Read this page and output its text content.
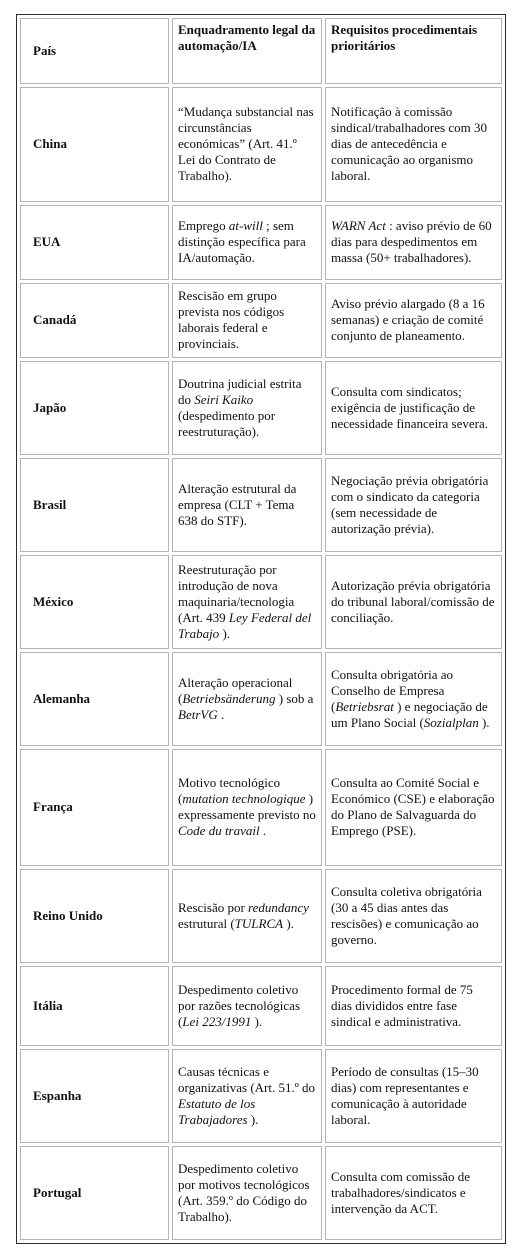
País	Enquadramento legal da automação/IA	Requisitos procedimentais prioritários
China	“Mudança substancial nas circunstâncias económicas” (Art. 41.º Lei do Contrato de Trabalho).	Notificação à comissão sindical/trabalhadores com 30 dias de antecedência e comunicação ao organismo laboral.
EUA	Emprego at-will ; sem distinção específica para IA/automação.	WARN Act : aviso prévio de 60 dias para despedimentos em massa (50+ trabalhadores).
Canadá	Rescisão em grupo prevista nos códigos laborais federal e provinciais.	Aviso prévio alargado (8 a 16 semanas) e criação de comité conjunto de planeamento.
Japão	Doutrina judicial estrita do Seiri Kaiko (despedimento por reestruturação).	Consulta com sindicatos; exigência de justificação de necessidade financeira severa.
Brasil	Alteração estrutural da empresa (CLT + Tema 638 do STF).	Negociação prévia obrigatória com o sindicato da categoria (sem necessidade de autorização prévia).
México	Reestruturação por introdução de nova maquinaria/tecnologia (Art. 439 Ley Federal del Trabajo ).	Autorização prévia obrigatória do tribunal laboral/comissão de conciliação.
Alemanha	Alteração operacional (Betriebsänderung ) sob a BetrVG .	Consulta obrigatória ao Conselho de Empresa (Betriebsrat ) e negociação de um Plano Social (Sozialplan ).
França	Motivo tecnológico (mutation technologique ) expressamente previsto no Code du travail .	Consulta ao Comité Social e Económico (CSE) e elaboração do Plano de Salvaguarda do Emprego (PSE).
Reino Unido	Rescisão por redundancy estrutural (TULRCA ).	Consulta coletiva obrigatória (30 a 45 dias antes das rescisões) e comunicação ao governo.
Itália	Despedimento coletivo por razões tecnológicas (Lei 223/1991 ).	Procedimento formal de 75 dias divididos entre fase sindical e administrativa.
Espanha	Causas técnicas e organizativas (Art. 51.º do Estatuto de los Trabajadores ).	Período de consultas (15–30 dias) com representantes e comunicação à autoridade laboral.
Portugal	Despedimento coletivo por motivos tecnológicos (Art. 359.º do Código do Trabalho).	Consulta com comissão de trabalhadores/sindicatos e intervenção da ACT.
